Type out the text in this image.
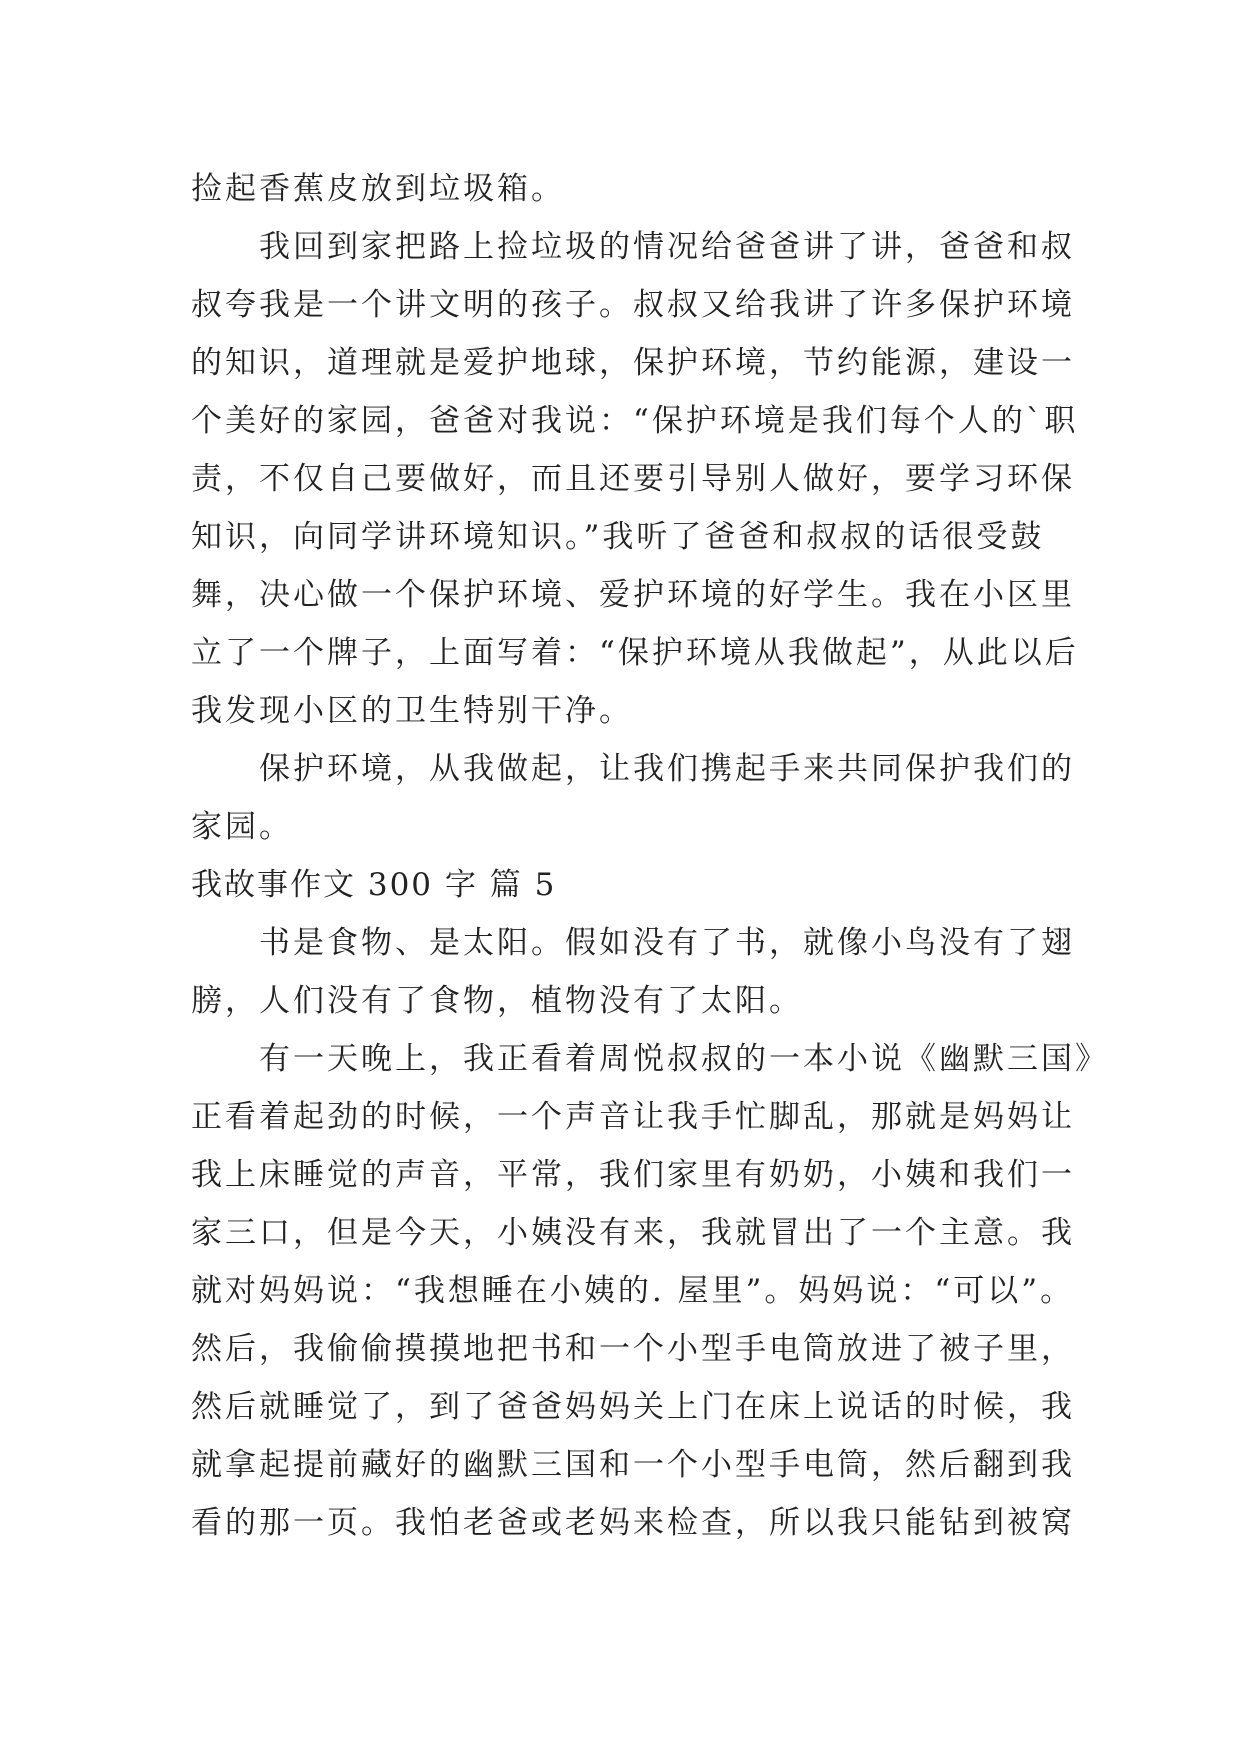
捡起香蕉皮放到垃圾箱。
我回到家把路上捡垃圾的情况给爸爸讲了讲，爸爸和叔
叔夸我是一个讲文明的孩子。叔叔又给我讲了许多保护环境
的知识，道理就是爱护地球，保护环境，节约能源，建设一
个美好的家园，爸爸对我说：“保护环境是我们每个人的`职
责，不仅自己要做好，而且还要引导别人做好，要学习环保
知识，向同学讲环境知识。”我听了爸爸和叔叔的话很受鼓
舞，决心做一个保护环境、爱护环境的好学生。我在小区里
立了一个牌子，上面写着：“保护环境从我做起”，从此以后
我发现小区的卫生特别干净。
保护环境，从我做起，让我们携起手来共同保护我们的
家园。
我故事作文 300 字 篇 5
书是食物、是太阳。假如没有了书，就像小鸟没有了翅
膀，人们没有了食物，植物没有了太阳。
有一天晚上，我正看着周悦叔叔的一本小说《幽默三国》
正看着起劲的时候，一个声音让我手忙脚乱，那就是妈妈让
我上床睡觉的声音，平常，我们家里有奶奶，小姨和我们一
家三口，但是今天，小姨没有来，我就冒出了一个主意。我
就对妈妈说：“我想睡在小姨的. 屋里”。妈妈说：“可以”。
然后，我偷偷摸摸地把书和一个小型手电筒放进了被子里，
然后就睡觉了，到了爸爸妈妈关上门在床上说话的时候，我
就拿起提前藏好的幽默三国和一个小型手电筒，然后翻到我
看的那一页。我怕老爸或老妈来检查，所以我只能钻到被窝
